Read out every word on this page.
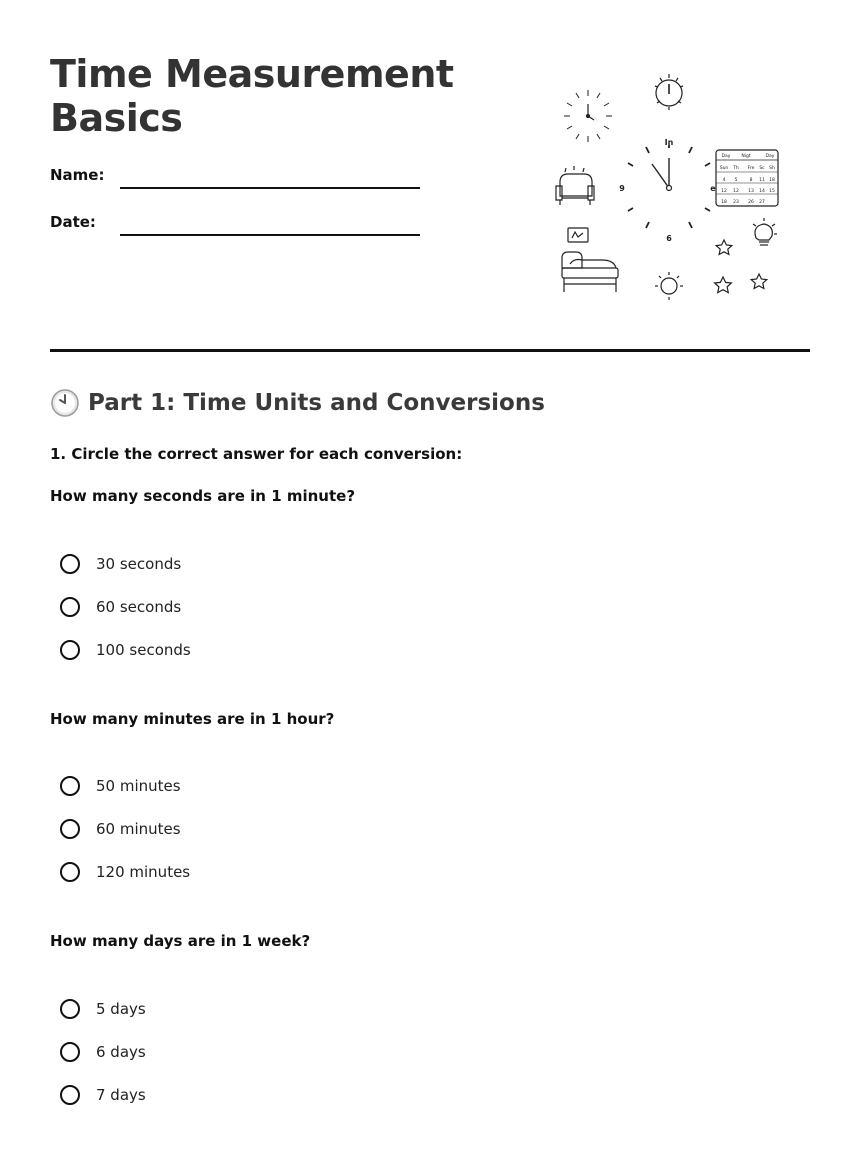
Time Measurement
Basics
Name:
Date:
In
9	e
6
Day Nigt	Day
Sun Th Fre Sc Sh
4 5	8 11 18
12 12 13 14 15
18 23 26 27
Part 1: Time Units and Conversions

1. Circle the correct answer for each conversion:

How many seconds are in 1 minute?

30 seconds
60 seconds
100 seconds

How many minutes are in 1 hour?

50 minutes
60 minutes
120 minutes

How many days are in 1 week?

5 days
6 days
7 days
